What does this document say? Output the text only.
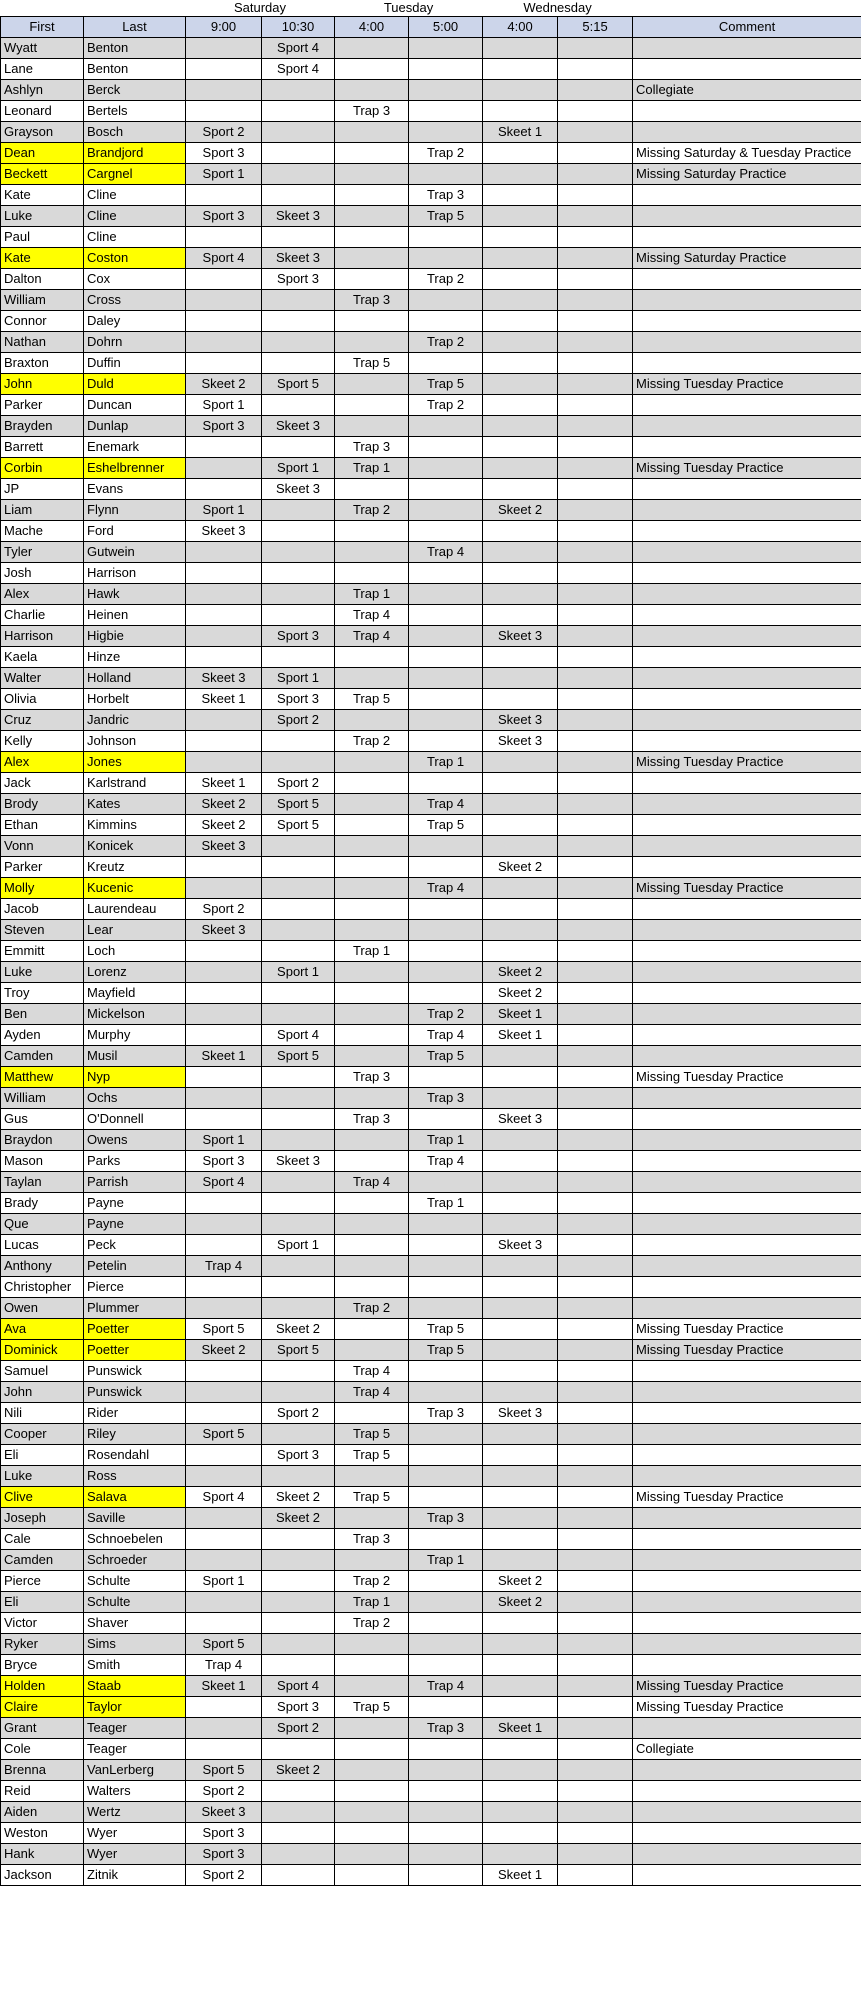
		Saturday		Tuesday		Wednesday		
First	Last	9:00	10:30	4:00	5:00	4:00	5:15	Comment
Wyatt	Benton		Sport 4					
Lane	Benton		Sport 4					
Ashlyn	Berck							Collegiate
Leonard	Bertels			Trap 3				
Grayson	Bosch	Sport 2				Skeet 1		
Dean	Brandjord	Sport 3			Trap 2			Missing Saturday & Tuesday Practice
Beckett	Cargnel	Sport 1						Missing Saturday Practice
Kate	Cline				Trap 3			
Luke	Cline	Sport 3	Skeet 3		Trap 5			
Paul	Cline							
Kate	Coston	Sport 4	Skeet 3					Missing Saturday Practice
Dalton	Cox		Sport 3		Trap 2			
William	Cross			Trap 3				
Connor	Daley							
Nathan	Dohrn				Trap 2			
Braxton	Duffin			Trap 5				
John	Duld	Skeet 2	Sport 5		Trap 5			Missing Tuesday Practice
Parker	Duncan	Sport 1			Trap 2			
Brayden	Dunlap	Sport 3	Skeet 3					
Barrett	Enemark			Trap 3				
Corbin	Eshelbrenner		Sport 1	Trap 1				Missing Tuesday Practice
JP	Evans		Skeet 3					
Liam	Flynn	Sport 1		Trap 2		Skeet 2		
Mache	Ford	Skeet 3						
Tyler	Gutwein				Trap 4			
Josh	Harrison							
Alex	Hawk			Trap 1				
Charlie	Heinen			Trap 4				
Harrison	Higbie		Sport 3	Trap 4		Skeet 3		
Kaela	Hinze							
Walter	Holland	Skeet 3	Sport 1					
Olivia	Horbelt	Skeet 1	Sport 3	Trap 5				
Cruz	Jandric		Sport 2			Skeet 3		
Kelly	Johnson			Trap 2		Skeet 3		
Alex	Jones				Trap 1			Missing Tuesday Practice
Jack	Karlstrand	Skeet 1	Sport 2					
Brody	Kates	Skeet 2	Sport 5		Trap 4			
Ethan	Kimmins	Skeet 2	Sport 5		Trap 5			
Vonn	Konicek	Skeet 3						
Parker	Kreutz					Skeet 2		
Molly	Kucenic				Trap 4			Missing Tuesday Practice
Jacob	Laurendeau	Sport 2						
Steven	Lear	Skeet 3						
Emmitt	Loch			Trap 1				
Luke	Lorenz		Sport 1			Skeet 2		
Troy	Mayfield					Skeet 2		
Ben	Mickelson				Trap 2	Skeet 1		
Ayden	Murphy		Sport 4		Trap 4	Skeet 1		
Camden	Musil	Skeet 1	Sport 5		Trap 5			
Matthew	Nyp			Trap 3				Missing Tuesday Practice
William	Ochs				Trap 3			
Gus	O'Donnell			Trap 3		Skeet 3		
Braydon	Owens	Sport 1			Trap 1			
Mason	Parks	Sport 3	Skeet 3		Trap 4			
Taylan	Parrish	Sport 4		Trap 4				
Brady	Payne				Trap 1			
Que	Payne							
Lucas	Peck		Sport 1			Skeet 3		
Anthony	Petelin	Trap 4						
Christopher	Pierce							
Owen	Plummer			Trap 2				
Ava	Poetter	Sport 5	Skeet 2		Trap 5			Missing Tuesday Practice
Dominick	Poetter	Skeet 2	Sport 5		Trap 5			Missing Tuesday Practice
Samuel	Punswick			Trap 4				
John	Punswick			Trap 4				
Nili	Rider		Sport 2		Trap 3	Skeet 3		
Cooper	Riley	Sport 5		Trap 5				
Eli	Rosendahl		Sport 3	Trap 5				
Luke	Ross							
Clive	Salava	Sport 4	Skeet 2	Trap 5				Missing Tuesday Practice
Joseph	Saville		Skeet 2		Trap 3			
Cale	Schnoebelen			Trap 3				
Camden	Schroeder				Trap 1			
Pierce	Schulte	Sport 1		Trap 2		Skeet 2		
Eli	Schulte			Trap 1		Skeet 2		
Victor	Shaver			Trap 2				
Ryker	Sims	Sport 5						
Bryce	Smith	Trap 4						
Holden	Staab	Skeet 1	Sport 4		Trap 4			Missing Tuesday Practice
Claire	Taylor		Sport 3	Trap 5				Missing Tuesday Practice
Grant	Teager		Sport 2		Trap 3	Skeet 1		
Cole	Teager							Collegiate
Brenna	VanLerberg	Sport 5	Skeet 2					
Reid	Walters	Sport 2						
Aiden	Wertz	Skeet 3						
Weston	Wyer	Sport 3						
Hank	Wyer	Sport 3						
Jackson	Zitnik	Sport 2				Skeet 1		
